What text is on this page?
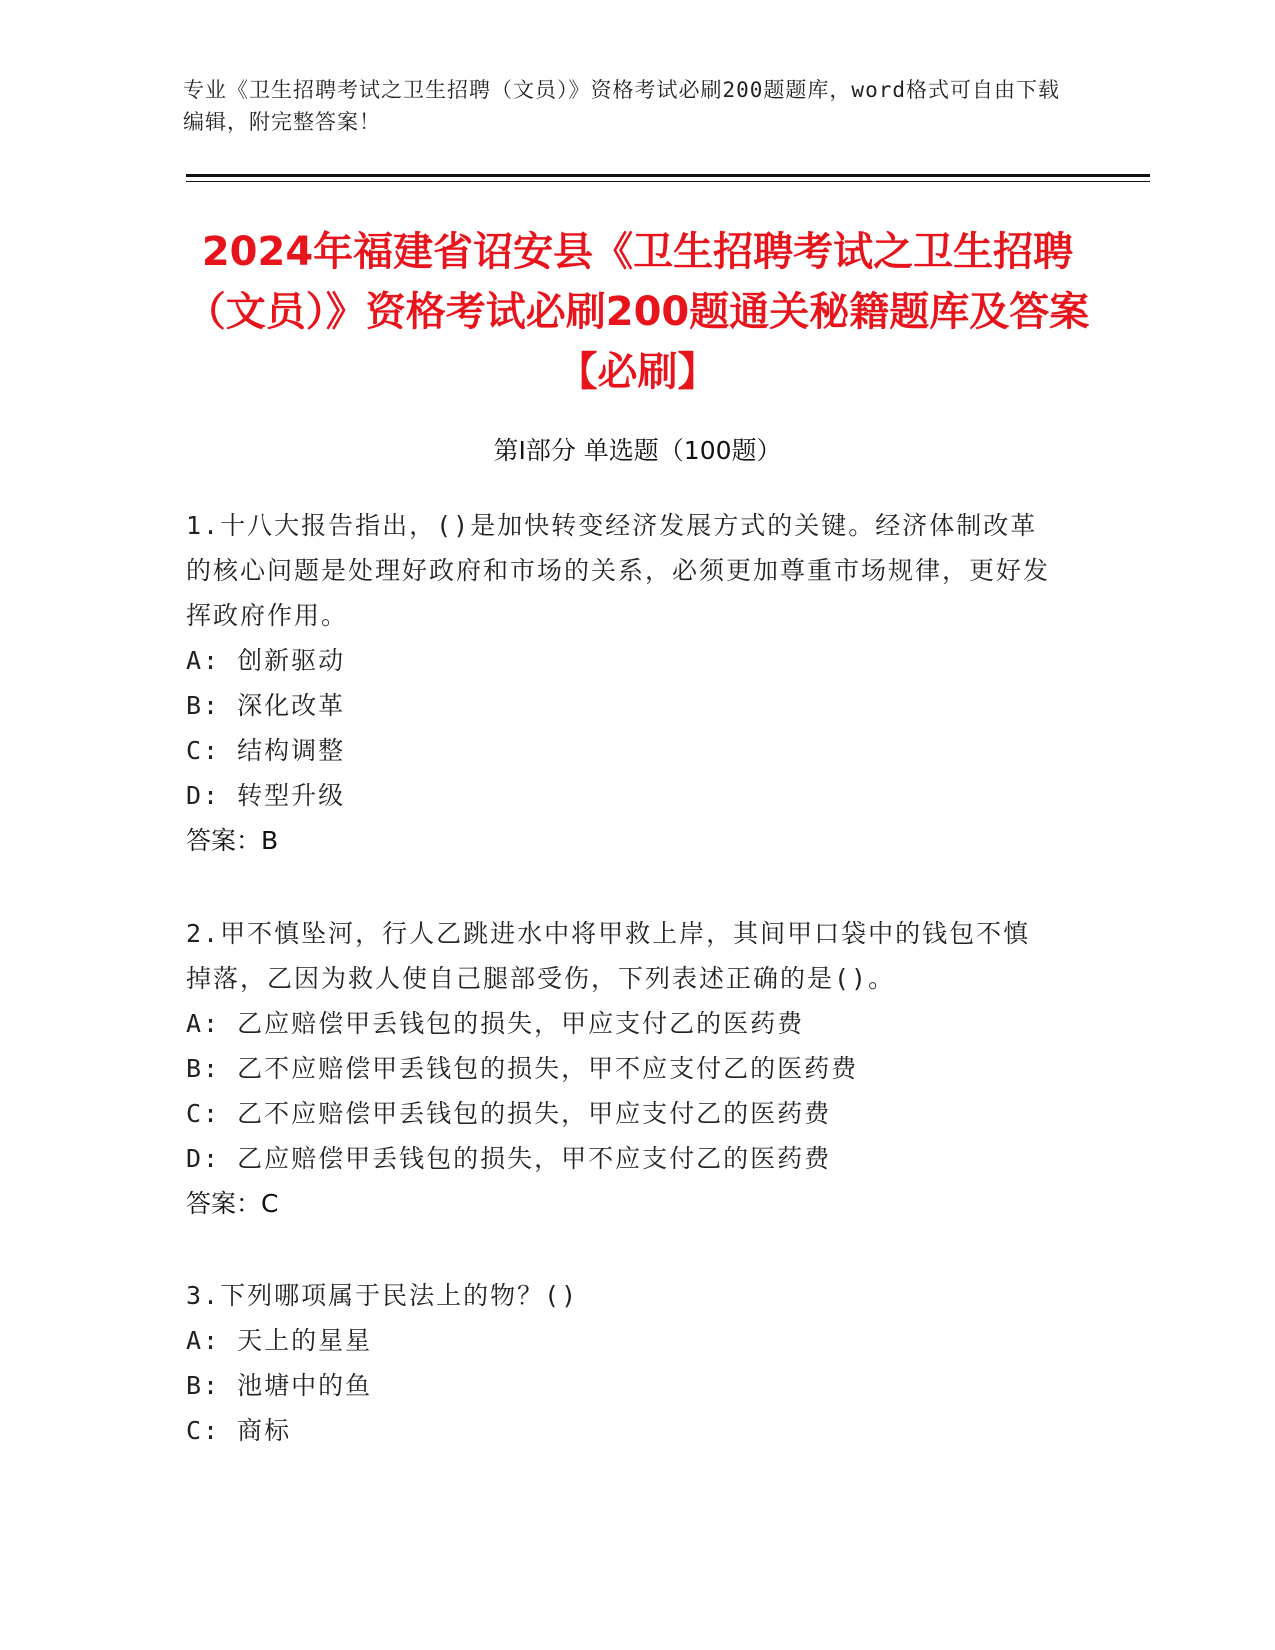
专业《卫生招聘考试之卫生招聘（文员）》资格考试必刷200题题库，word格式可自由下载编辑，附完整答案！
2024年福建省诏安县《卫生招聘考试之卫生招聘（文员）》资格考试必刷200题通关秘籍题库及答案【必刷】
第I部分 单选题（100题）
1.十八大报告指出，()是加快转变经济发展方式的关键。经济体制改革的核心问题是处理好政府和市场的关系，必须更加尊重市场规律，更好发挥政府作用。
A: 创新驱动
B: 深化改革
C: 结构调整
D: 转型升级
答案：B
2.甲不慎坠河，行人乙跳进水中将甲救上岸，其间甲口袋中的钱包不慎掉落，乙因为救人使自己腿部受伤，下列表述正确的是()。
A: 乙应赔偿甲丢钱包的损失，甲应支付乙的医药费
B: 乙不应赔偿甲丢钱包的损失，甲不应支付乙的医药费
C: 乙不应赔偿甲丢钱包的损失，甲应支付乙的医药费
D: 乙应赔偿甲丢钱包的损失，甲不应支付乙的医药费
答案：C
3.下列哪项属于民法上的物？()
A: 天上的星星
B: 池塘中的鱼
C: 商标
